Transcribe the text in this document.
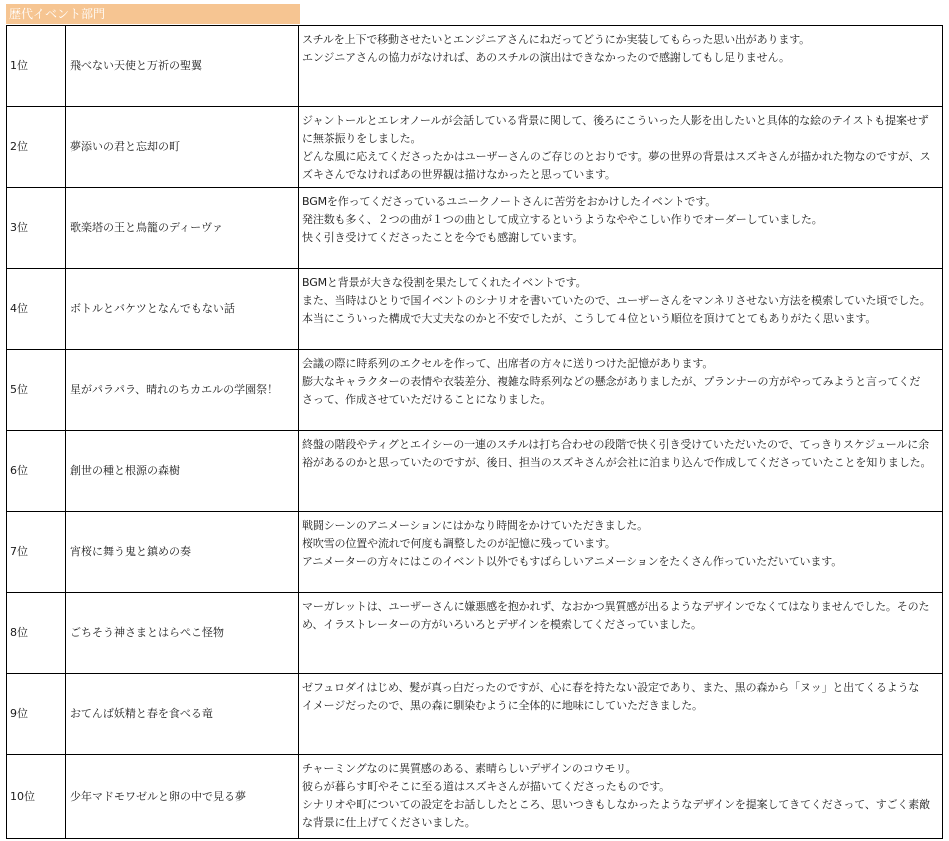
歴代イベント部門
1位	飛べない天使と万祈の聖翼	スチルを上下で移動させたいとエンジニアさんにねだってどうにか実装してもらった思い出があります。
エンジニアさんの協力がなければ、あのスチルの演出はできなかったので感謝してもし足りません。

2位	夢添いの君と忘却の町	ジャントールとエレオノールが会話している背景に関して、後ろにこういった人影を出したいと具体的な絵のテイストも提案せず
に無茶振りをしました。
どんな風に応えてくださったかはユーザーさんのご存じのとおりです。夢の世界の背景はスズキさんが描かれた物なのですが、ス
ズキさんでなければあの世界観は描けなかったと思っています。

3位	歌楽塔の王と鳥籠のディーヴァ	BGMを作ってくださっているユニークノートさんに苦労をおかけしたイベントです。
発注数も多く、２つの曲が１つの曲として成立するというようなややこしい作りでオーダーしていました。
快く引き受けてくださったことを今でも感謝しています。

4位	ボトルとバケツとなんでもない話	BGMと背景が大きな役割を果たしてくれたイベントです。
また、当時はひとりで国イベントのシナリオを書いていたので、ユーザーさんをマンネリさせない方法を模索していた頃でした。
本当にこういった構成で大丈夫なのかと不安でしたが、こうして４位という順位を頂けてとてもありがたく思います。

5位	星がパラパラ、晴れのちカエルの学園祭！	会議の際に時系列のエクセルを作って、出席者の方々に送りつけた記憶があります。
膨大なキャラクターの表情や衣装差分、複雑な時系列などの懸念がありましたが、プランナーの方がやってみようと言ってくだ
さって、作成させていただけることになりました。

6位	創世の種と根源の森樹	終盤の階段やティグとエイシーの一連のスチルは打ち合わせの段階で快く引き受けていただいたので、てっきりスケジュールに余
裕があるのかと思っていたのですが、後日、担当のスズキさんが会社に泊まり込んで作成してくださっていたことを知りました。

7位	宵桜に舞う鬼と鎮めの奏	戦闘シーンのアニメーションにはかなり時間をかけていただきました。
桜吹雪の位置や流れで何度も調整したのが記憶に残っています。
アニメーターの方々にはこのイベント以外でもすばらしいアニメーションをたくさん作っていただいています。

8位	ごちそう神さまとはらぺこ怪物	マーガレットは、ユーザーさんに嫌悪感を抱かれず、なおかつ異質感が出るようなデザインでなくてはなりませんでした。そのた
め、イラストレーターの方がいろいろとデザインを模索してくださっていました。

9位	おてんば妖精と春を食べる竜	ゼフュロダイはじめ、髪が真っ白だったのですが、心に春を持たない設定であり、また、黒の森から「ヌッ」と出てくるような
イメージだったので、黒の森に馴染むように全体的に地味にしていただきました。

10位	少年マドモワゼルと卵の中で見る夢	チャーミングなのに異質感のある、素晴らしいデザインのコウモリ。
彼らが暮らす町やそこに至る道はスズキさんが描いてくださったものです。
シナリオや町についての設定をお話ししたところ、思いつきもしなかったようなデザインを提案してきてくださって、すごく素敵
な背景に仕上げてくださいました。
